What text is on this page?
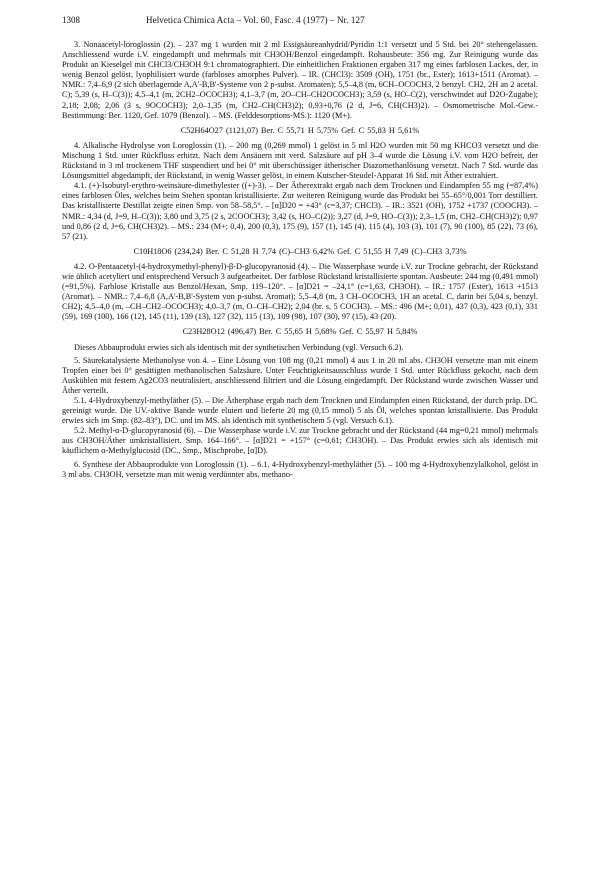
1308	Helvetica Chimica Acta – Vol. 60, Fasc. 4 (1977) – Nr. 127

3. Nonaacetyl-loroglossin (2). – 237 mg 1 wurden mit 2 ml Essigsäureanhydrid/Pyridin 1:1 versetzt und 5 Std. bei 20° stehengelassen. Anschliessend wurde i.V. eingedampft und mehrmals mit CH3OH/Benzol eingedampft. Rohausbeute: 356 mg. Zur Reinigung wurde das Produkt an Kieselgel mit CHCl3/CH3OH 9:1 chromatographiert. Die einheitlichen Fraktionen ergaben 317 mg eines farblosen Lackes, der, in wenig Benzol gelöst, lyophilisiert wurde (farbloses amorphes Pulver). – IR. (CHCl3): 3509 (OH), 1751 (br., Ester); 1613+1511 (Aromat). – NMR.: 7,4–6,9 (2 sich überlagernde A,A'-B,B'-Systeme von 2 p-subst. Aromaten); 5,5–4,8 (m, 6CH–OCOCH3, 2 benzyl. CH2, 2H an 2 acetal. C); 5,39 (s, H–C(3)); 4,5–4,1 (m, 2CH2–OCOCH3); 4,1–3,7 (m, 2O–CH–CH2OCOCH3); 3,59 (s, HO–C(2), verschwindet auf D2O-Zugabe); 2,18; 2,08; 2,06 (3 s, 9OCOCH3); 2,0–1,35 (m, CH2–CH(CH3)2); 0,93+0,76 (2 d, J=6, CH(CH3)2). – Osmometrische Mol.-Gew.-Bestimmung: Ber. 1120, Gef. 1079 (Benzol). – MS. (Felddesorptions-MS.): 1120 (M+).

C52H64O27 (1121,07) Ber. C 55,71 H 5,75% Gef. C 55,83 H 5,61%

4. Alkalische Hydrolyse von Loroglossin (1). – 200 mg (0,269 mmol) 1 gelöst in 5 ml H2O wurden mit 50 mg KHCO3 versetzt und die Mischung 1 Std. unter Rückfluss erhitzt. Nach dem Ansäuern mit verd. Salzsäure auf pH 3–4 wurde die Lösung i.V. vom H2O befreit, der Rückstand in 3 ml trockenem THF suspendiert und bei 0° mit überschüssiger ätherischer Diazomethanlösung versetzt. Nach 7 Std. wurde das Lösungsmittel abgedampft, der Rückstand, in wenig Wasser gelöst, in einem Kutscher-Steudel-Apparat 16 Std. mit Äther extrahiert.

4.1. (+)-Isobutyl-erythro-weinsäure-dimethylester ((+)-3). – Der Ätherextrakt ergab nach dem Trocknen und Eindampfen 55 mg (=87,4%) eines farblosen Öles, welches beim Stehen spontan kristallisierte. Zur weiteren Reinigung wurde das Produkt bei 55–65°/0,001 Torr destilliert. Das kristallisierte Destillat zeigte einen Smp. von 58–58,5°. – [α]D20 = +43° (c=3,37; CHCl3). – IR.: 3521 (OH), 1752 +1737 (COOCH3). – NMR.: 4,34 (d, J=9, H–C(3)); 3,80 und 3,75 (2 s, 2COOCH3); 3,42 (s, HO–C(2)); 3,27 (d, J=9, HO–C(3)); 2,3–1,5 (m, CH2–CH(CH3)2); 0,97 und 0,86 (2 d, J=6, CH(CH3)2). – MS.: 234 (M+; 0,4), 200 (0,3), 175 (9), 157 (1), 145 (4), 115 (4), 103 (3), 101 (7), 90 (100), 85 (22), 73 (6), 57 (21).

C10H18O6 (234,24) Ber. C 51,28 H 7,74 (C)–CH3 6,42% Gef. C 51,55 H 7,49 (C)–CH3 3,73%

4.2. O-Pentaacetyl-(4-hydroxymethyl-phenyl)-β-D-glucopyranosid (4). – Die Wasserphase wurde i.V. zur Trockne gebracht, der Rückstand wie üblich acetyliert und entsprechend Versuch 3 aufgearbeitet. Der farblose Rückstand kristallisierte spontan. Ausbeute: 244 mg (0,491 mmol) (=91,5%). Farblose Kristalle aus Benzol/Hexan, Smp. 119–120°. – [α]D21 = –24,1° (c=1,63, CH3OH). – IR.: 1757 (Ester), 1613 +1513 (Aromat). – NMR.: 7,4–6,8 (A,A'-B,B'-System von p-subst. Aromat); 5,5–4,8 (m, 3 CH–OCOCH3, 1H an acetal. C, darin bei 5,04 s, benzyl. CH2); 4,5–4,0 (m, –CH–CH2–OCOCH3); 4,0–3,7 (m, O–CH–CH2); 2,04 (br. s, 5 COCH3). – MS.: 496 (M+; 0,01), 437 (0,3), 423 (0,1), 331 (59), 169 (100), 166 (12), 145 (11), 139 (13), 127 (32), 115 (13), 109 (98), 107 (30), 97 (15), 43 (20).

C23H28O12 (496,47) Ber. C 55,65 H 5,68% Gef. C 55,97 H 5,84%

Dieses Abbauprodukt erwies sich als identisch mit der synthetischen Verbindung (vgl. Versuch 6.2).

5. Säurekatalysierte Methanolyse von 4. – Eine Lösung von 108 mg (0,21 mmol) 4 aus 1 in 20 ml abs. CH3OH versetzte man mit einem Tropfen einer bei 0° gesättigten methanolischen Salzsäure. Unter Feuchtigkeitsausschluss wurde 1 Std. unter Rückfluss gekocht, nach dem Auskühlen mit festem Ag2CO3 neutralisiert, anschliessend filtriert und die Lösung eingedampft. Der Rückstand wurde zwischen Wasser und Äther verteilt.

5.1. 4-Hydroxybenzyl-methyläther (5). – Die Ätherphase ergab nach dem Trocknen und Eindampfen einen Rückstand, der durch präp. DC. gereinigt wurde. Die UV.-aktive Bande wurde eluiert und lieferte 20 mg (0,15 mmol) 5 als Öl, welches spontan kristallisierte. Das Produkt erwies sich im Smp. (82–83°), DC. und im MS. als identisch mit synthetischem 5 (vgl. Versuch 6.1).

5.2. Methyl-α-D-glucopyranosid (6). – Die Wasserphase wurde i.V. zur Trockne gebracht und der Rückstand (44 mg=0,21 mmol) mehrmals aus CH3OH/Äther umkristallisiert. Smp. 164–166°. – [α]D21 = +157° (c=0,61; CH3OH). – Das Produkt erwies sich als identisch mit käuflichem α-Methylglucosid (DC., Smp., Mischprobe, [α]D).

6. Synthese der Abbauprodukte von Loroglossin (1). – 6.1. 4-Hydroxybenzyl-methyläther (5). – 100 mg 4-Hydroxybenzylalkohol, gelöst in 3 ml abs. CH3OH, versetzte man mit wenig verdünnter abs. methano-
